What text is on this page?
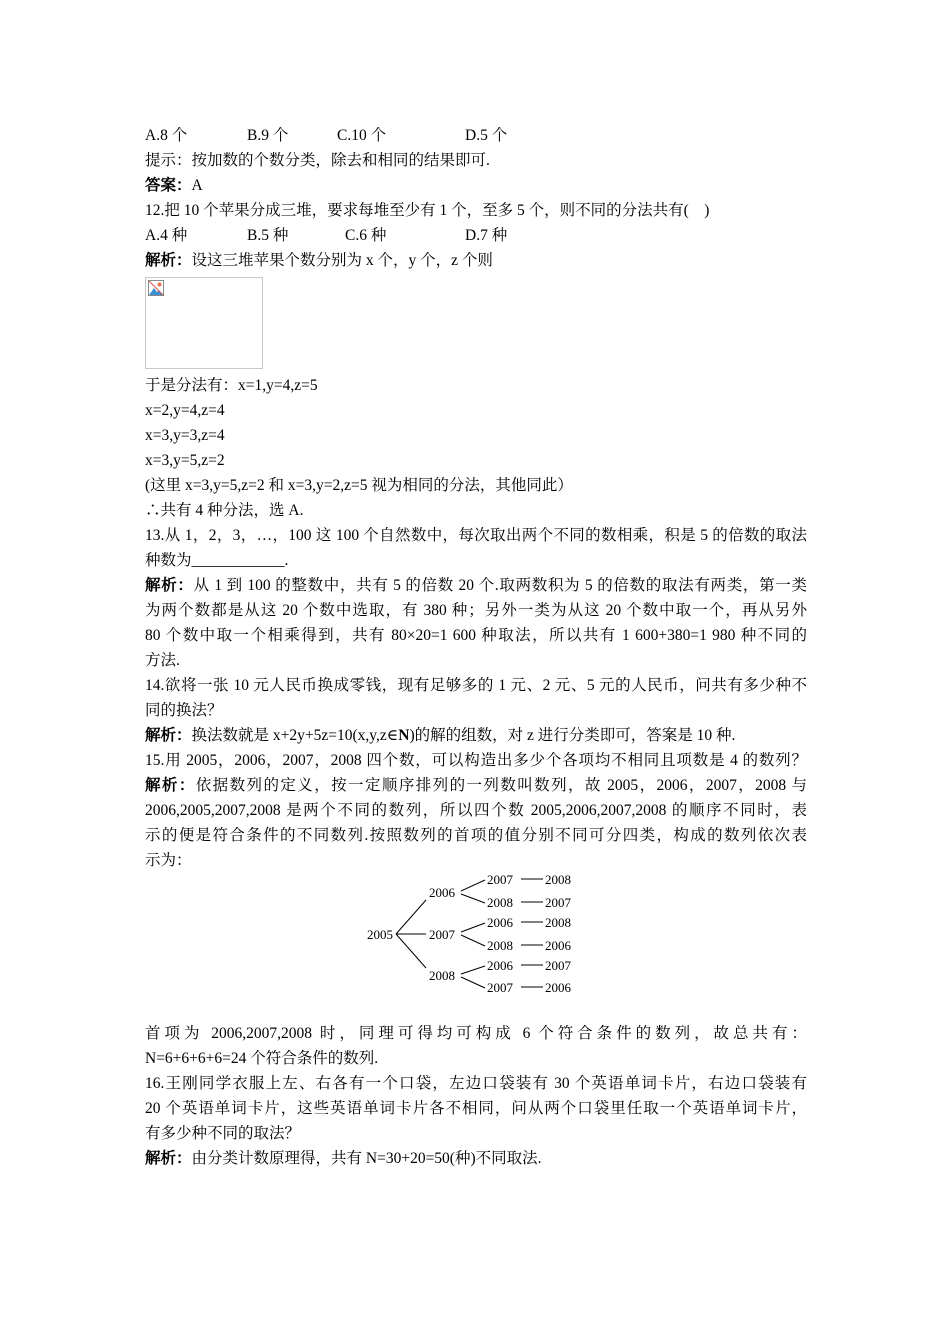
A.8 个	B.9 个	C.10 个	D.5 个
提示：按加数的个数分类，除去和相同的结果即可.
答案：A
12.把 10 个苹果分成三堆，要求每堆至少有 1 个，至多 5 个，则不同的分法共有(　)
A.4 种	B.5 种	C.6 种	D.7 种
解析：设这三堆苹果个数分别为 x 个，y 个，z 个则
于是分法有：x=1,y=4,z=5
x=2,y=4,z=4
x=3,y=3,z=4
x=3,y=5,z=2
(这里 x=3,y=5,z=2 和 x=3,y=2,z=5 视为相同的分法，其他同此）
∴共有 4 种分法，选 A.
13.从 1，2，3，…，100 这 100 个自然数中，每次取出两个不同的数相乘，积是 5 的倍数的取法
种数为____________.
解析：从 1 到 100 的整数中，共有 5 的倍数 20 个.取两数积为 5 的倍数的取法有两类，第一类
为两个数都是从这 20 个数中选取，有 380 种；另外一类为从这 20 个数中取一个，再从另外
80 个数中取一个相乘得到，共有 80×20=1 600 种取法，所以共有 1 600+380=1 980 种不同的
方法.
14.欲将一张 10 元人民币换成零钱，现有足够多的 1 元、2 元、5 元的人民币，问共有多少种不
同的换法？
解析：换法数就是 x+2y+5z=10(x,y,z∈N)的解的组数，对 z 进行分类即可，答案是 10 种.
15.用 2005，2006，2007，2008 四个数，可以构造出多少个各项均不相同且项数是 4 的数列？
解析：依据数列的定义，按一定顺序排列的一列数叫数列，故 2005，2006，2007，2008 与
2006,2005,2007,2008 是两个不同的数列，所以四个数 2005,2006,2007,2008 的顺序不同时，表
示的便是符合条件的不同数列.按照数列的首项的值分别不同可分四类，构成的数列依次表
示为：
2005
2006
2007
2008
2007 2008
2008 2007
2006 2008
2008 2006
2006 2007
2007 2006
首项为 2006,2007,2008 时，同理可得均可构成 6 个符合条件的数列，故总共有：
N=6+6+6+6=24 个符合条件的数列.
16.王刚同学衣服上左、右各有一个口袋，左边口袋装有 30 个英语单词卡片，右边口袋装有
20 个英语单词卡片，这些英语单词卡片各不相同，问从两个口袋里任取一个英语单词卡片，
有多少种不同的取法？
解析：由分类计数原理得，共有 N=30+20=50(种)不同取法.
